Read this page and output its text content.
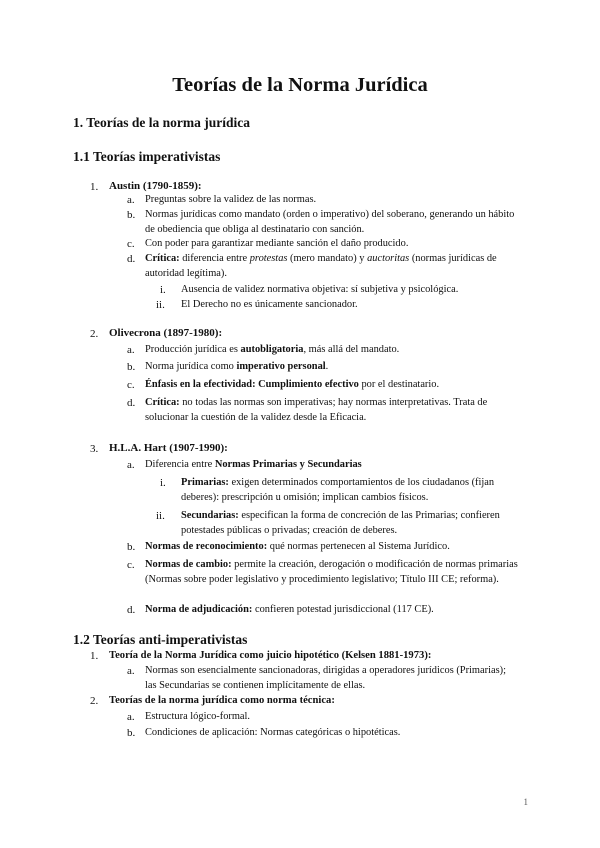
Teorías de la Norma Jurídica
1. Teorías de la norma jurídica
1.1 Teorías imperativistas
1. Austin (1790-1859):
a. Preguntas sobre la validez de las normas.
b. Normas jurídicas como mandato (orden o imperativo) del soberano, generando un hábito de obediencia que obliga al destinatario con sanción.
c. Con poder para garantizar mediante sanción el daño producido.
d. Crítica: diferencia entre protestas (mero mandato) y auctoritas (normas jurídicas de autoridad legítima).
i. Ausencia de validez normativa objetiva: sí subjetiva y psicológica.
ii. El Derecho no es únicamente sancionador.
2. Olivecrona (1897-1980):
a. Producción jurídica es autobligatoria, más allá del mandato.
b. Norma jurídica como imperativo personal.
c. Énfasis en la efectividad: Cumplimiento efectivo por el destinatario.
d. Crítica: no todas las normas son imperativas; hay normas interpretativas. Trata de solucionar la cuestión de la validez desde la Eficacia.
3. H.L.A. Hart (1907-1990):
a. Diferencia entre Normas Primarias y Secundarias
i. Primarias: exigen determinados comportamientos de los ciudadanos (fijan deberes): prescripción u omisión; implican cambios físicos.
ii. Secundarias: especifican la forma de concreción de las Primarias; confieren potestades públicas o privadas; creación de deberes.
b. Normas de reconocimiento: qué normas pertenecen al Sistema Jurídico.
c. Normas de cambio: permite la creación, derogación o modificación de normas primarias (Normas sobre poder legislativo y procedimiento legislativo; Título III CE; reforma).
d. Norma de adjudicación: confieren potestad jurisdiccional (117 CE).
1.2 Teorías anti-imperativistas
1. Teoría de la Norma Jurídica como juicio hipotético (Kelsen 1881-1973):
a. Normas son esencialmente sancionadoras, dirigidas a operadores jurídicos (Primarias); las Secundarias se contienen implícitamente de ellas.
2. Teorías de la norma jurídica como norma técnica:
a. Estructura lógico-formal.
b. Condiciones de aplicación: Normas categóricas o hipotéticas.
1
